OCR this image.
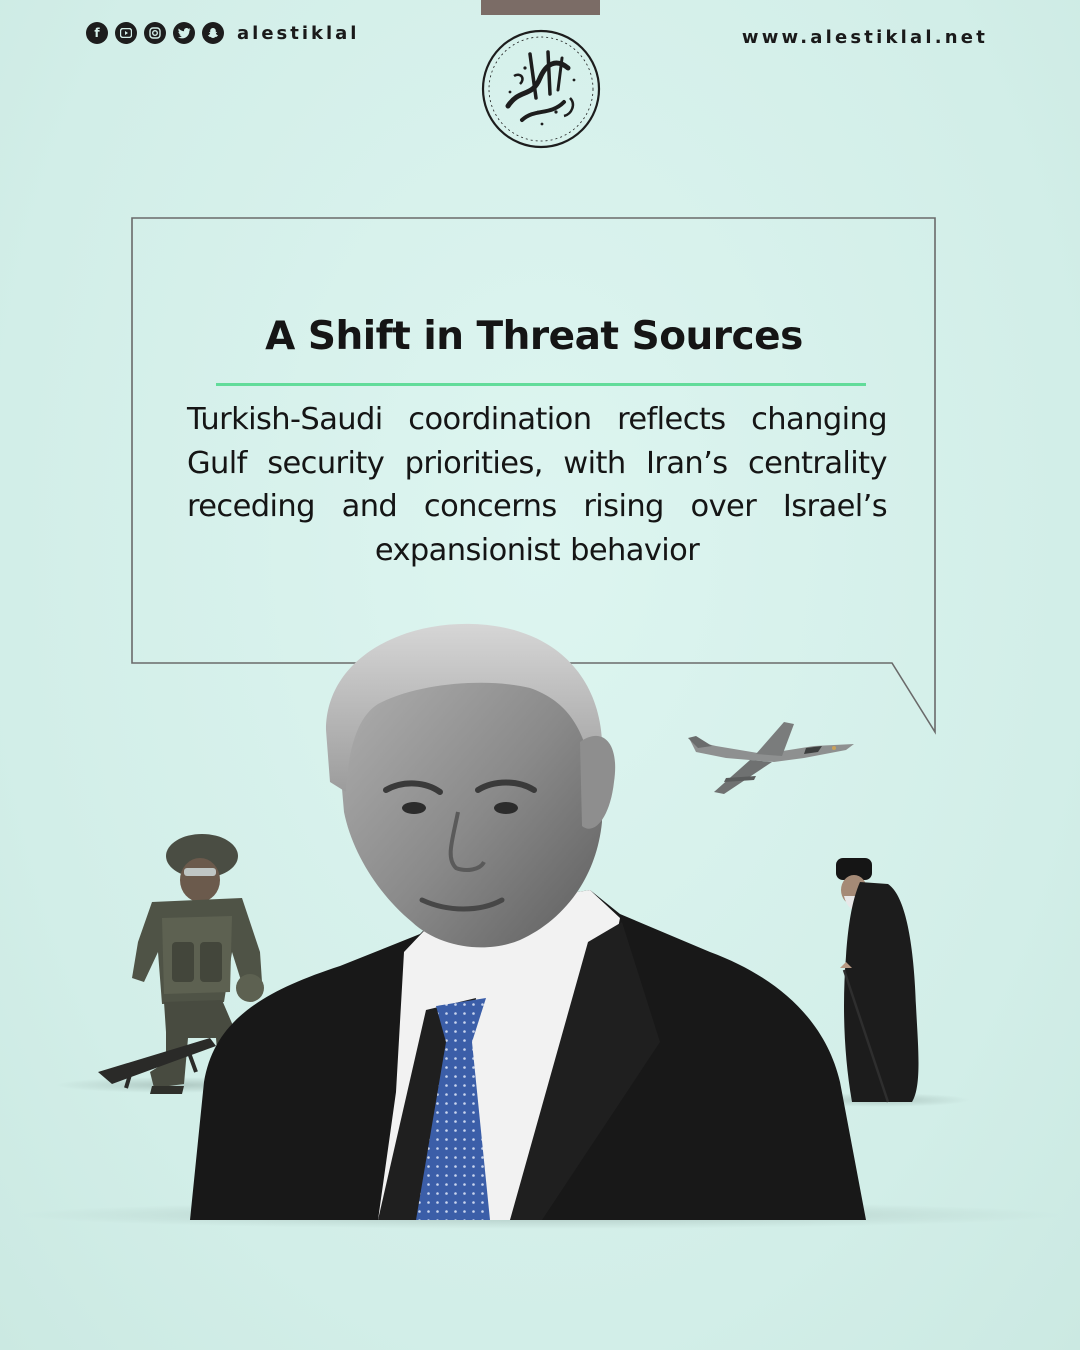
f	alestiklal	www.alestiklal.net
A Shift in Threat Sources
Turkish-Saudi coordination reflects changing Gulf security priorities, with Iran’s centrality receding and concerns rising over Israel’s expansionist behavior
